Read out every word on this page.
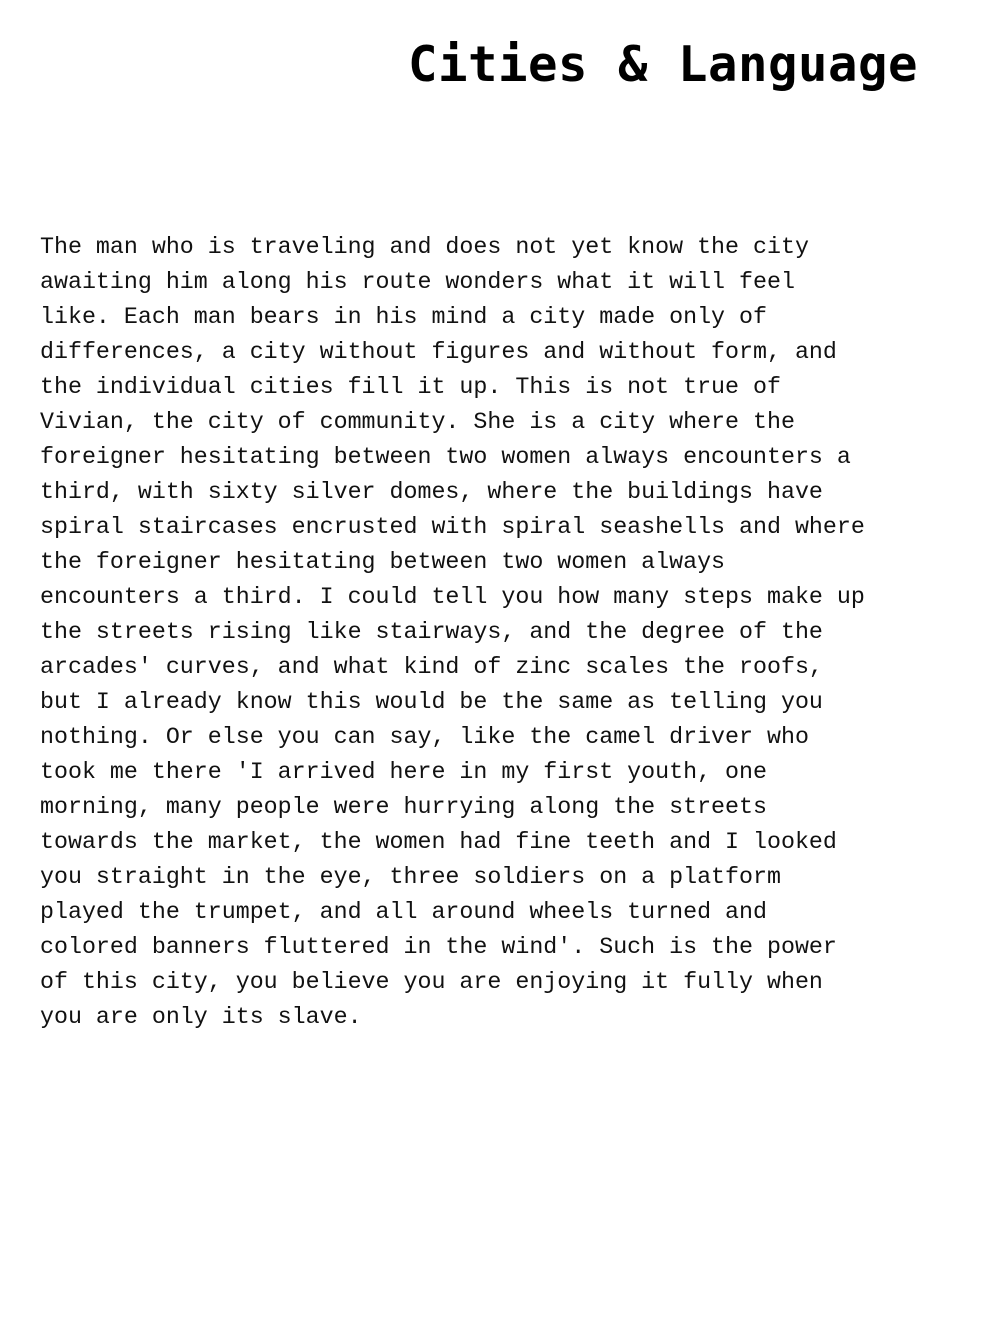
Cities & Language
The man who is traveling and does not yet know the city
awaiting him along his route wonders what it will feel
like. Each man bears in his mind a city made only of
differences, a city without figures and without form, and
the individual cities fill it up. This is not true of
Vivian, the city of community. She is a city where the
foreigner hesitating between two women always encounters a
third, with sixty silver domes, where the buildings have
spiral staircases encrusted with spiral seashells and where
the foreigner hesitating between two women always
encounters a third. I could tell you how many steps make up
the streets rising like stairways, and the degree of the
arcades' curves, and what kind of zinc scales the roofs,
but I already know this would be the same as telling you
nothing. Or else you can say, like the camel driver who
took me there 'I arrived here in my first youth, one
morning, many people were hurrying along the streets
towards the market, the women had fine teeth and I looked
you straight in the eye, three soldiers on a platform
played the trumpet, and all around wheels turned and
colored banners fluttered in the wind'. Such is the power
of this city, you believe you are enjoying it fully when
you are only its slave.
